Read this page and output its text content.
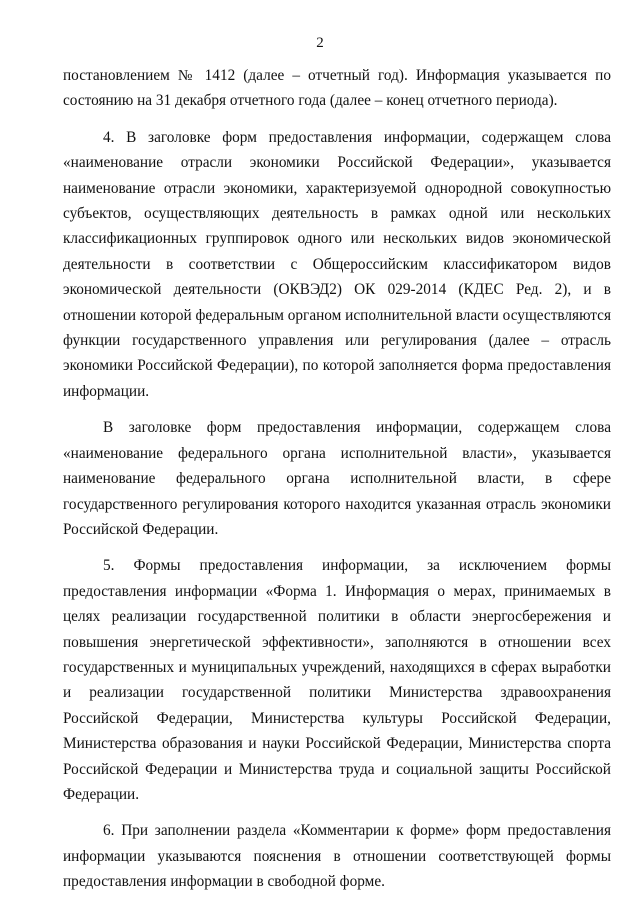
2

постановлением № 1412 (далее – отчетный год). Информация указывается по состоянию на 31 декабря отчетного года (далее – конец отчетного периода).

4. В заголовке форм предоставления информации, содержащем слова «наименование отрасли экономики Российской Федерации», указывается наименование отрасли экономики, характеризуемой однородной совокупностью субъектов, осуществляющих деятельность в рамках одной или нескольких классификационных группировок одного или нескольких видов экономической деятельности в соответствии с Общероссийским классификатором видов экономической деятельности (ОКВЭД2) ОК 029-2014 (КДЕС Ред. 2), и в отношении которой федеральным органом исполнительной власти осуществляются функции государственного управления или регулирования (далее – отрасль экономики Российской Федерации), по которой заполняется форма предоставления информации.

В заголовке форм предоставления информации, содержащем слова «наименование федерального органа исполнительной власти», указывается наименование федерального органа исполнительной власти, в сфере государственного регулирования которого находится указанная отрасль экономики Российской Федерации.

5. Формы предоставления информации, за исключением формы предоставления информации «Форма 1. Информация о мерах, принимаемых в целях реализации государственной политики в области энергосбережения и повышения энергетической эффективности», заполняются в отношении всех государственных и муниципальных учреждений, находящихся в сферах выработки и реализации государственной политики Министерства здравоохранения Российской Федерации, Министерства культуры Российской Федерации, Министерства образования и науки Российской Федерации, Министерства спорта Российской Федерации и Министерства труда и социальной защиты Российской Федерации.

6. При заполнении раздела «Комментарии к форме» форм предоставления информации указываются пояснения в отношении соответствующей формы предоставления информации в свободной форме.
